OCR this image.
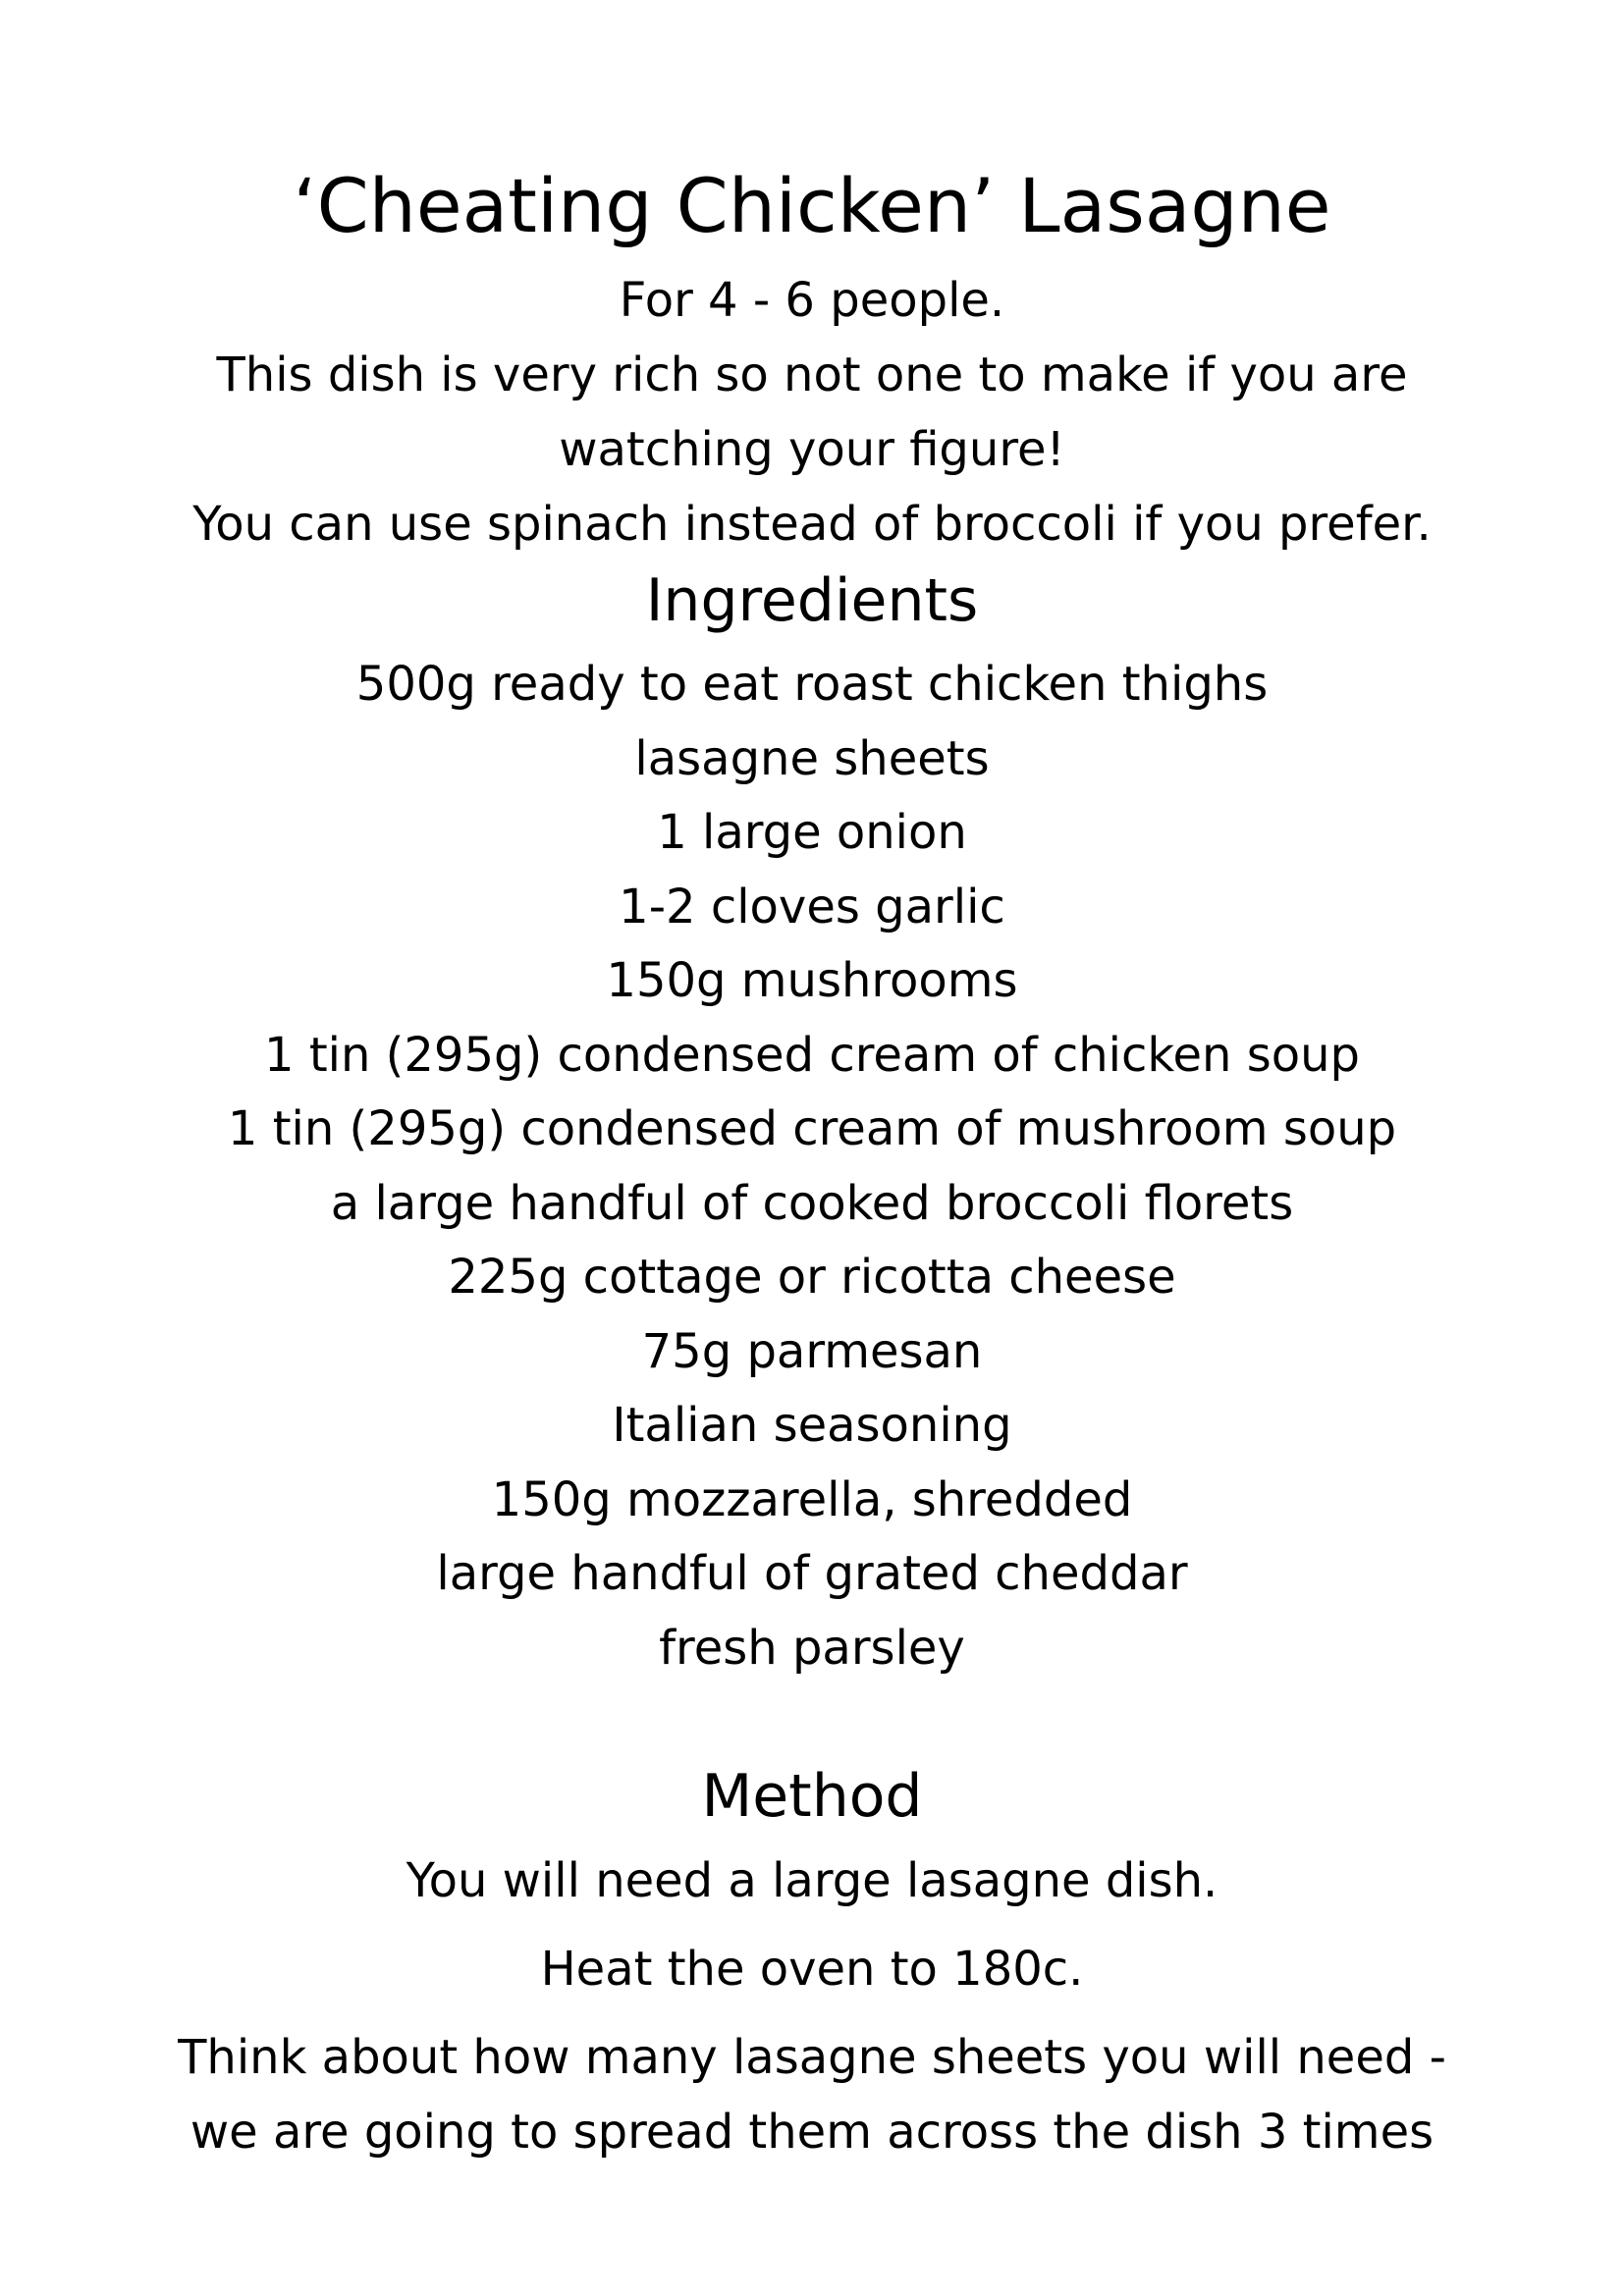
‘Cheating Chicken’ Lasagne
For 4 - 6 people.
This dish is very rich so not one to make if you are
watching your figure!
You can use spinach instead of broccoli if you prefer.
Ingredients
500g ready to eat roast chicken thighs
lasagne sheets
1 large onion
1-2 cloves garlic
150g mushrooms
1 tin (295g) condensed cream of chicken soup
1 tin (295g) condensed cream of mushroom soup
a large handful of cooked broccoli florets
225g cottage or ricotta cheese
75g parmesan
Italian seasoning
150g mozzarella, shredded
large handful of grated cheddar
fresh parsley
Method
You will need a large lasagne dish.
Heat the oven to 180c.
Think about how many lasagne sheets you will need -
we are going to spread them across the dish 3 times
